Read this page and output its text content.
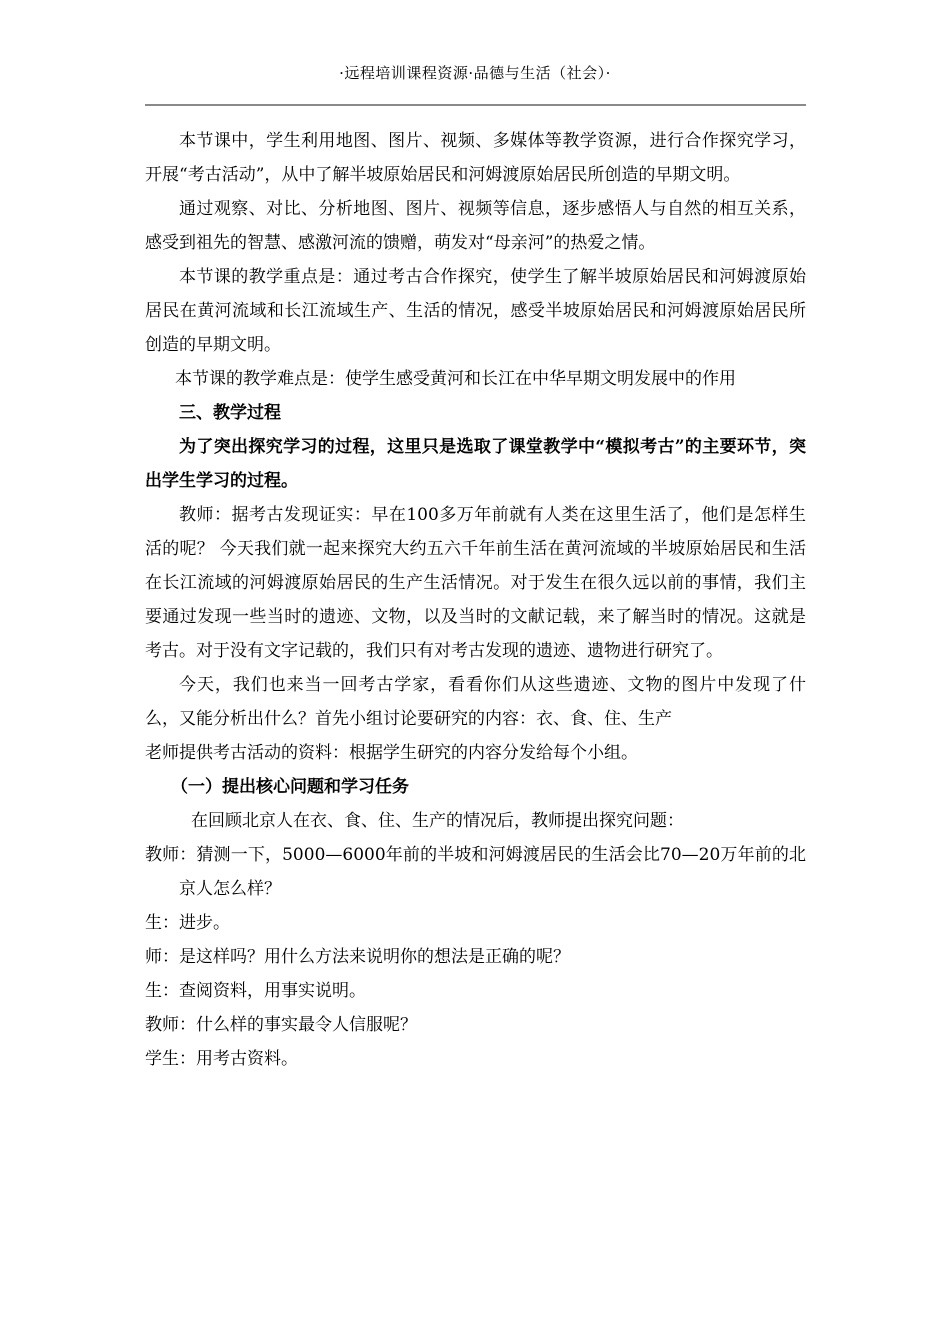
·远程培训课程资源·品德与生活（社会）·

本节课中，学生利用地图、图片、视频、多媒体等教学资源，进行合作探究学习，开展“考古活动”，从中了解半坡原始居民和河姆渡原始居民所创造的早期文明。

通过观察、对比、分析地图、图片、视频等信息，逐步感悟人与自然的相互关系，感受到祖先的智慧、感激河流的馈赠，萌发对“母亲河”的热爱之情。

本节课的教学重点是：通过考古合作探究，使学生了解半坡原始居民和河姆渡原始居民在黄河流域和长江流域生产、生活的情况，感受半坡原始居民和河姆渡原始居民所创造的早期文明。

本节课的教学难点是：使学生感受黄河和长江在中华早期文明发展中的作用

三、教学过程

为了突出探究学习的过程，这里只是选取了课堂教学中“模拟考古”的主要环节，突出学生学习的过程。

教师：据考古发现证实：早在100多万年前就有人类在这里生活了，他们是怎样生活的呢？ 今天我们就一起来探究大约五六千年前生活在黄河流域的半坡原始居民和生活在长江流域的河姆渡原始居民的生产生活情况。对于发生在很久远以前的事情，我们主要通过发现一些当时的遗迹、文物，以及当时的文献记载，来了解当时的情况。这就是考古。对于没有文字记载的，我们只有对考古发现的遗迹、遗物进行研究了。

今天，我们也来当一回考古学家，看看你们从这些遗迹、文物的图片中发现了什么，又能分析出什么？首先小组讨论要研究的内容：衣、食、住、生产

老师提供考古活动的资料：根据学生研究的内容分发给每个小组。

（一）提出核心问题和学习任务

在回顾北京人在衣、食、住、生产的情况后，教师提出探究问题：

教师：猜测一下，5000—6000年前的半坡和河姆渡居民的生活会比70—20万年前的北京人怎么样？

生：进步。

师：是这样吗？用什么方法来说明你的想法是正确的呢？

生：查阅资料，用事实说明。

教师：什么样的事实最令人信服呢？

学生：用考古资料。
